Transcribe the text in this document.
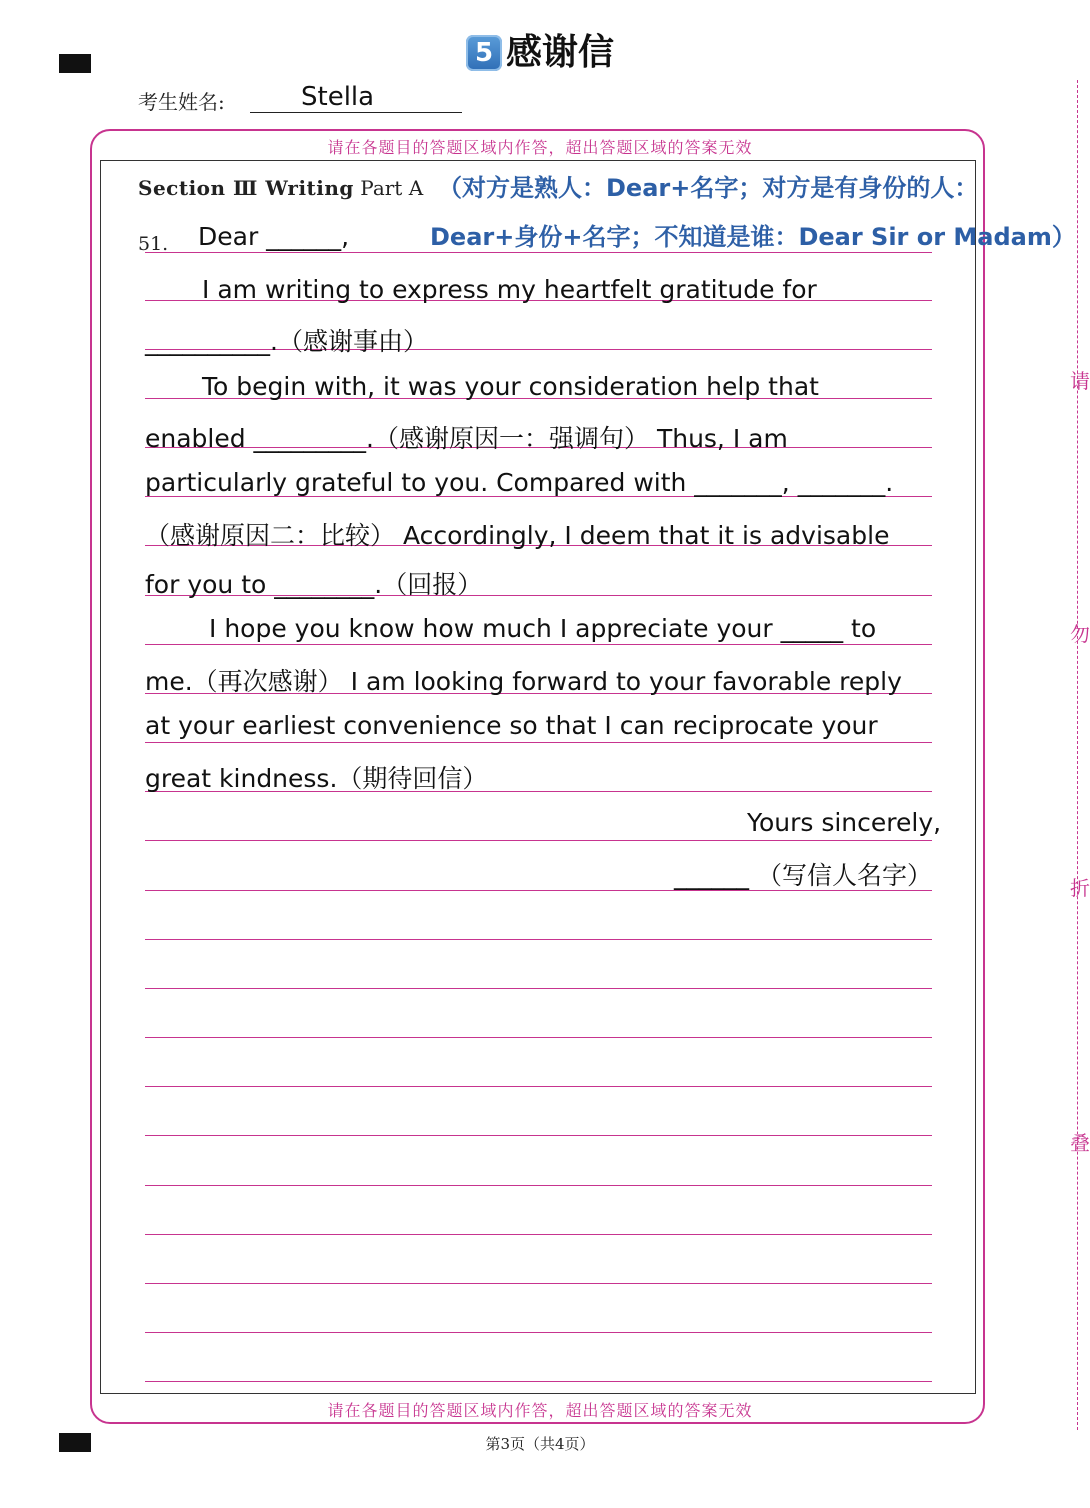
5 感谢信
考生姓名:	Stella
请在各题目的答题区域内作答，超出答题区域的答案无效
请在各题目的答题区域内作答，超出答题区域的答案无效
Section Ⅲ Writing Part A （对方是熟人：Dear+名字；对方是有身份的人：
Dear+身份+名字；不知道是谁：Dear Sir or Madam）
51. Dear ______,
I am writing to express my heartfelt gratitude for
__________.（感谢事由）
To begin with, it was your consideration help that
enabled _________.（感谢原因一：强调句） Thus, I am
particularly grateful to you. Compared with _______, _______.
（感谢原因二：比较） Accordingly, I deem that it is advisable
for you to ________.（回报）
I hope you know how much I appreciate your _____ to
me.（再次感谢） I am looking forward to your favorable reply
at your earliest convenience so that I can reciprocate your
great kindness.（期待回信）
Yours sincerely,
______ （写信人名字）
请
勿
折
叠
第3页（共4页）
